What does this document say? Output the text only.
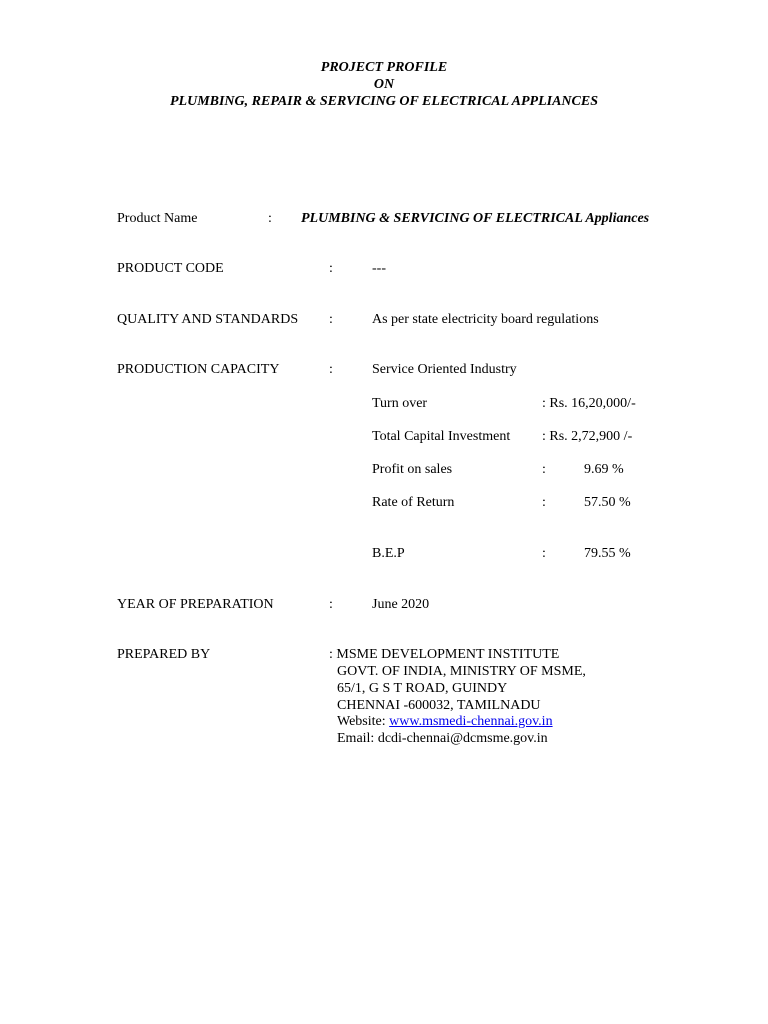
PROJECT PROFILE
ON
PLUMBING, REPAIR & SERVICING OF ELECTRICAL APPLIANCES
Product Name	: PLUMBING & SERVICING OF ELECTRICAL Appliances
PRODUCT CODE	:	---
QUALITY AND STANDARDS :	As per state electricity board regulations
PRODUCTION CAPACITY	:	Service Oriented Industry
Turn over	: Rs. 16,20,000/-
Total Capital Investment : Rs. 2,72,900 /-
Profit on sales	:	9.69 %
Rate of Return	:	57.50 %
B.E.P	:	79.55 %
YEAR OF PREPARATION	:	June 2020
PREPARED BY	: MSME DEVELOPMENT INSTITUTE
GOVT. OF INDIA, MINISTRY OF MSME,
65/1, G S T ROAD, GUINDY
CHENNAI -600032, TAMILNADU
Website: www.msmedi-chennai.gov.in
Email: dcdi-chennai@dcmsme.gov.in
